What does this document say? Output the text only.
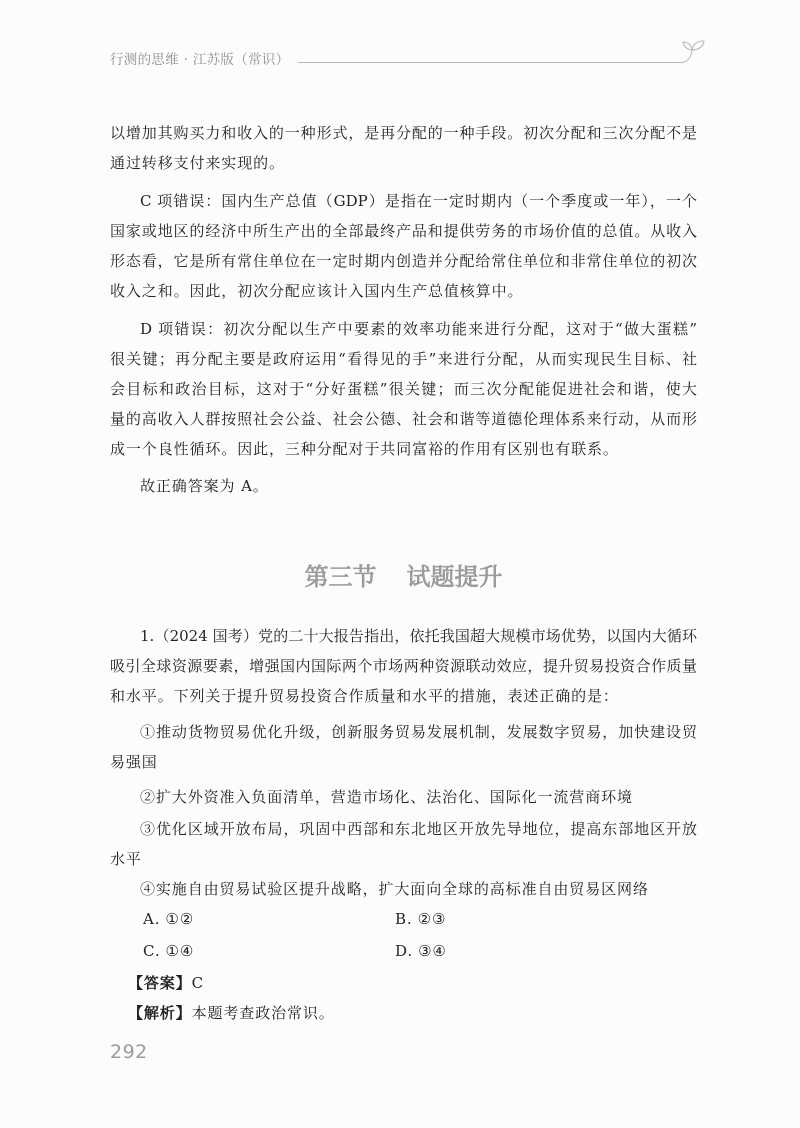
行测的思维 · 江苏版（常识）
以增加其购买力和收入的一种形式，是再分配的一种手段。初次分配和三次分配不是
通过转移支付来实现的。
C 项错误：国内生产总值（GDP）是指在一定时期内（一个季度或一年），一个
国家或地区的经济中所生产出的全部最终产品和提供劳务的市场价值的总值。从收入
形态看，它是所有常住单位在一定时期内创造并分配给常住单位和非常住单位的初次
收入之和。因此，初次分配应该计入国内生产总值核算中。
D 项错误：初次分配以生产中要素的效率功能来进行分配，这对于“做大蛋糕”
很关键；再分配主要是政府运用“看得见的手”来进行分配，从而实现民生目标、社
会目标和政治目标，这对于“分好蛋糕”很关键；而三次分配能促进社会和谐，使大
量的高收入人群按照社会公益、社会公德、社会和谐等道德伦理体系来行动，从而形
成一个良性循环。因此，三种分配对于共同富裕的作用有区别也有联系。
故正确答案为 A。
第三节 试题提升
1.（2024 国考）党的二十大报告指出，依托我国超大规模市场优势，以国内大循环
吸引全球资源要素，增强国内国际两个市场两种资源联动效应，提升贸易投资合作质量
和水平。下列关于提升贸易投资合作质量和水平的措施，表述正确的是：
①推动货物贸易优化升级，创新服务贸易发展机制，发展数字贸易，加快建设贸
易强国
②扩大外资准入负面清单，营造市场化、法治化、国际化一流营商环境
③优化区域开放布局，巩固中西部和东北地区开放先导地位，提高东部地区开放
水平
④实施自由贸易试验区提升战略，扩大面向全球的高标准自由贸易区网络
A. ①②	B. ②③
C. ①④	D. ③④
【答案】C
【解析】本题考查政治常识。
292
